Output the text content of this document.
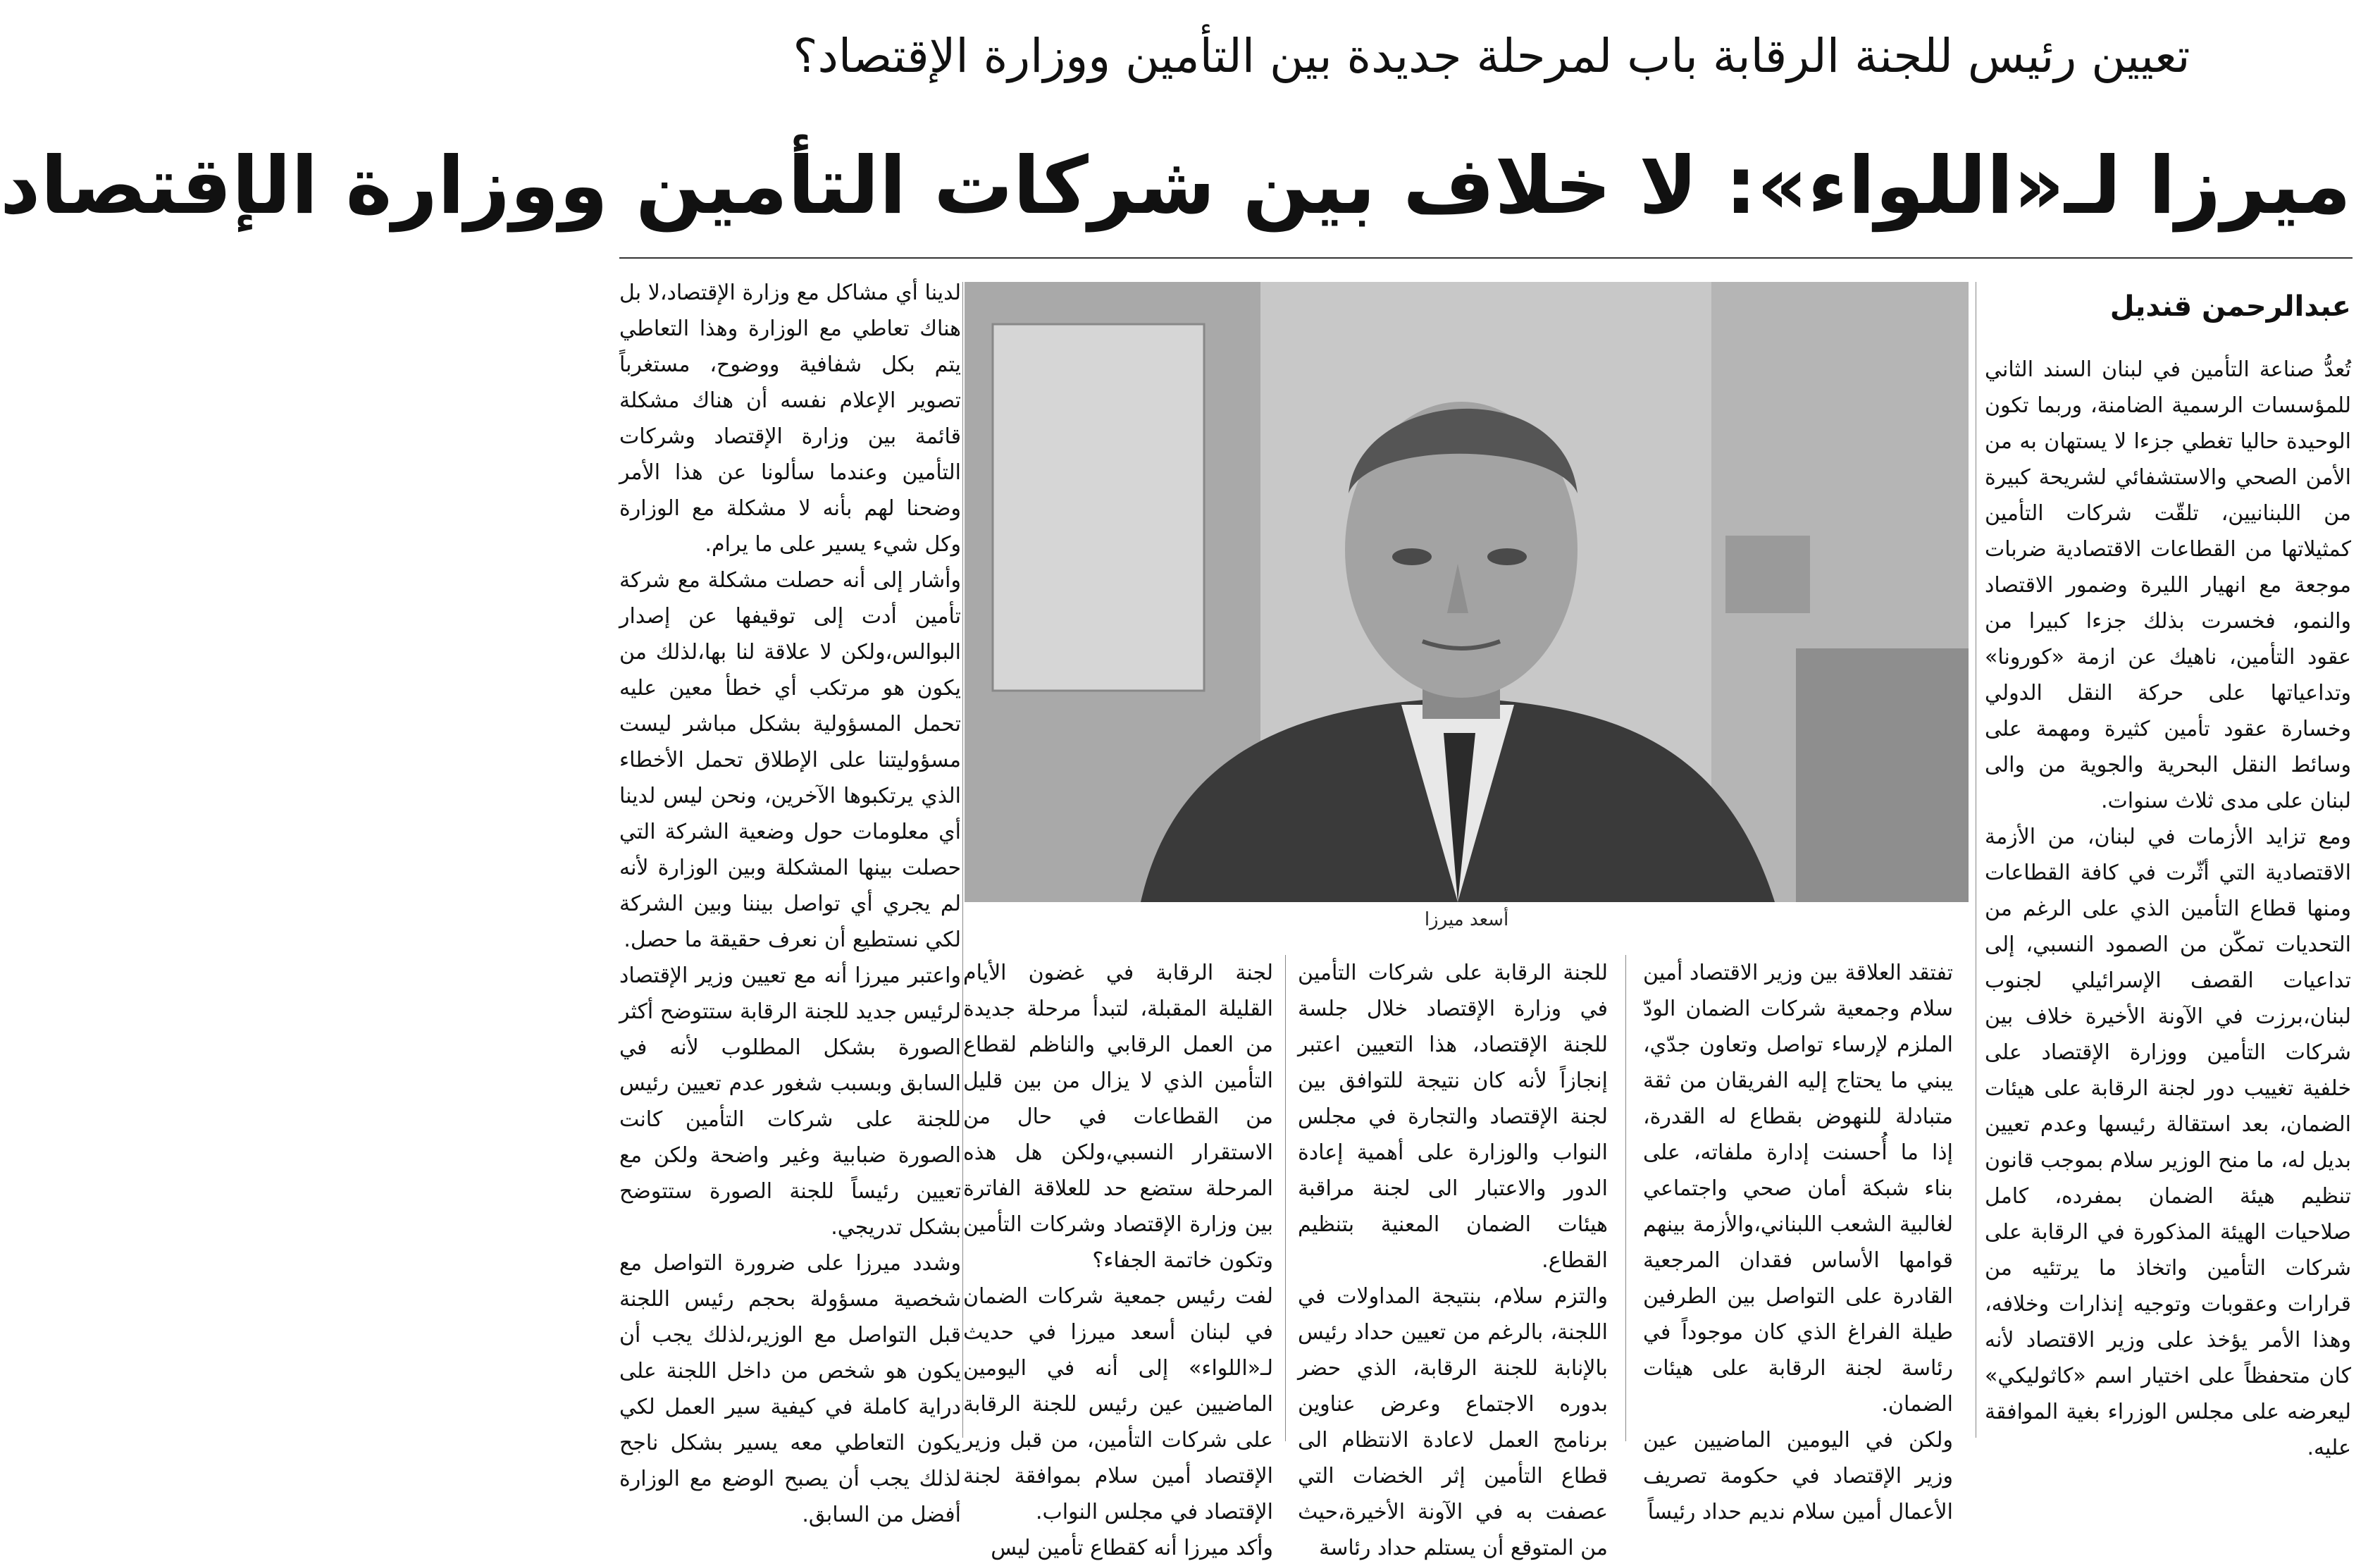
تعيين رئيس للجنة الرقابة باب لمرحلة جديدة بين التأمين ووزارة الإقتصاد؟
ميرزا لـ«اللواء»: لا خلاف بين شركات التأمين ووزارة الإقتصاد

عبدالرحمن قنديل

تُعدُّ صناعة التأمين في لبنان السند الثاني للمؤسسات الرسمية الضامنة، وربما تكون الوحيدة حاليا تغطي جزءا لا يستهان به من الأمن الصحي والاستشفائي لشريحة كبيرة من اللبنانيين، تلقّت شركات التأمين كمثيلاتها من القطاعات الاقتصادية ضربات موجعة مع انهيار الليرة وضمور الاقتصاد والنمو، فخسرت بذلك جزءا كبيرا من عقود التأمين، ناهيك عن ازمة «كورونا» وتداعياتها على حركة النقل الدولي وخسارة عقود تأمين كثيرة ومهمة على وسائط النقل البحرية والجوية من والى لبنان على مدى ثلاث سنوات.

ومع تزايد الأزمات في لبنان، من الأزمة الاقتصادية التي أثّرت في كافة القطاعات ومنها قطاع التأمين الذي على الرغم من التحديات تمكّن من الصمود النسبي، إلى تداعيات القصف الإسرائيلي لجنوب لبنان،برزت في الآونة الأخيرة خلاف بين شركات التأمين ووزارة الإقتصاد على خلفية تغييب دور لجنة الرقابة على هيئات الضمان، بعد استقالة رئيسها وعدم تعيين بديل له، ما منح الوزير سلام بموجب قانون تنظيم هيئة الضمان بمفرده، كامل صلاحيات الهيئة المذكورة في الرقابة على شركات التأمين واتخاذ ما يرتئيه من قرارات وعقوبات وتوجيه إنذارات وخلافه، وهذا الأمر يؤخذ على وزير الاقتصاد لأنه كان متحفظاً على اختيار اسم «كاثوليكي» ليعرضه على مجلس الوزراء بغية الموافقة عليه.

أسعد ميرزا

تفتقد العلاقة بين وزير الاقتصاد أمين سلام وجمعية شركات الضمان الودّ الملزم لإرساء تواصل وتعاون جدّي، يبني ما يحتاج إليه الفريقان من ثقة متبادلة للنهوض بقطاع له القدرة، إذا ما أُحسنت إدارة ملفاته، على بناء شبكة أمان صحي واجتماعي لغالبية الشعب اللبناني،والأزمة بينهم قوامها الأساس فقدان المرجعية القادرة على التواصل بين الطرفين طيلة الفراغ الذي كان موجوداً في رئاسة لجنة الرقابة على هيئات الضمان.

ولكن في اليومين الماضيين عين وزير الإقتصاد في حكومة تصريف الأعمال أمين سلام نديم حداد رئيساً

للجنة الرقابة على شركات التأمين في وزارة الإقتصاد خلال جلسة للجنة الإقتصاد، هذا التعيين اعتبر إنجازاً لأنه كان نتيجة للتوافق بين لجنة الإقتصاد والتجارة في مجلس النواب والوزارة على أهمية إعادة الدور والاعتبار الى لجنة مراقبة هيئات الضمان المعنية بتنظيم القطاع.

والتزم سلام، بنتيجة المداولات في اللجنة، بالرغم من تعيين حداد رئيس بالإنابة للجنة الرقابة، الذي حضر بدوره الاجتماع وعرض عناوين برنامج العمل لاعادة الانتظام الى قطاع التأمين إثر الخضات التي عصفت به في الآونة الأخيرة،حيث من المتوقع أن يستلم حداد رئاسة

لجنة الرقابة في غضون الأيام القليلة المقبلة، لتبدأ مرحلة جديدة من العمل الرقابي والناظم لقطاع التأمين الذي لا يزال من بين قليل من القطاعات في حال من الاستقرار النسبي،ولكن هل هذه المرحلة ستضع حد للعلاقة الفاترة بين وزارة الإقتصاد وشركات التأمين وتكون خاتمة الجفاء؟

لفت رئيس جمعية شركات الضمان في لبنان أسعد ميرزا في حديث لـ«اللواء» إلى أنه في اليومين الماضيين عين رئيس للجنة الرقابة على شركات التأمين، من قبل وزير الإقتصاد أمين سلام بموافقة لجنة الإقتصاد في مجلس النواب.

وأكد ميرزا أنه كقطاع تأمين ليس

لدينا أي مشاكل مع وزارة الإقتصاد،لا بل هناك تعاطي مع الوزارة وهذا التعاطي يتم بكل شفافية ووضوح، مستغرباً تصوير الإعلام نفسه أن هناك مشكلة قائمة بين وزارة الإقتصاد وشركات التأمين وعندما سألونا عن هذا الأمر وضحنا لهم بأنه لا مشكلة مع الوزارة وكل شيء يسير على ما يرام.

وأشار إلى أنه حصلت مشكلة مع شركة تأمين أدت إلى توقيفها عن إصدار البوالس،ولكن لا علاقة لنا بها،لذلك من يكون هو مرتكب أي خطأ معين عليه تحمل المسؤولية بشكل مباشر ليست مسؤوليتنا على الإطلاق تحمل الأخطاء الذي يرتكبوها الآخرين، ونحن ليس لدينا أي معلومات حول وضعية الشركة التي حصلت بينها المشكلة وبين الوزارة لأنه لم يجري أي تواصل بيننا وبين الشركة لكي نستطيع أن نعرف حقيقة ما حصل.

واعتبر ميرزا أنه مع تعيين وزير الإقتصاد لرئيس جديد للجنة الرقابة ستتوضح أكثر الصورة بشكل المطلوب لأنه في السابق وبسبب شغور عدم تعيين رئيس للجنة على شركات التأمين كانت الصورة ضبابية وغير واضحة ولكن مع تعيين رئيساً للجنة الصورة ستتوضح بشكل تدريجي.

وشدد ميرزا على ضرورة التواصل مع شخصية مسؤولة بحجم رئيس اللجنة قبل التواصل مع الوزير،لذلك يجب أن يكون هو شخص من داخل اللجنة على دراية كاملة في كيفية سير العمل لكي يكون التعاطي معه يسير بشكل ناجح لذلك يجب أن يصبح الوضع مع الوزارة أفضل من السابق.
